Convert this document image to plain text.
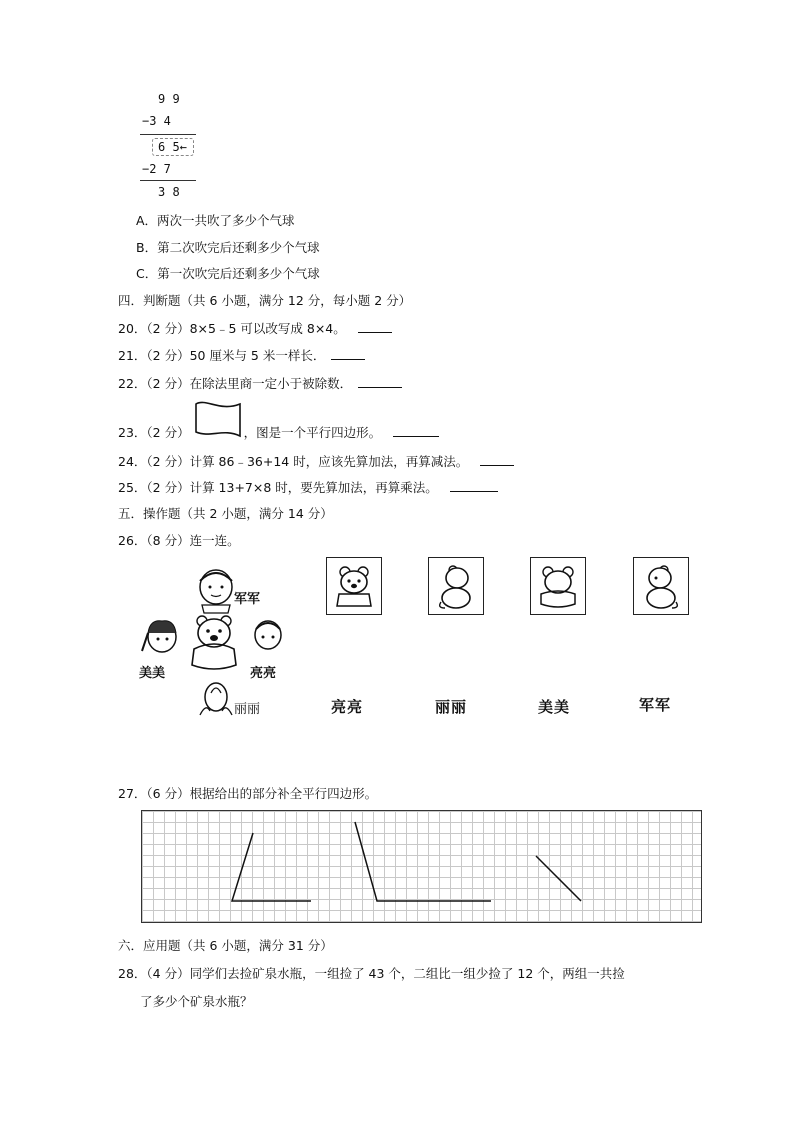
9 9
−3 4
6 5←
−2 7
3 8
A．两次一共吹了多少个气球
B．第二次吹完后还剩多少个气球
C．第一次吹完后还剩多少个气球
四．判断题（共 6 小题，满分 12 分，每小题 2 分）
20．（2 分）8×5﹣5 可以改写成 8×4。
21．（2 分）50 厘米与 5 米一样长．
22．（2 分）在除法里商一定小于被除数．
23．（2 分）	，图是一个平行四边形。
24．（2 分）计算 86﹣36+14 时，应该先算加法，再算减法。
25．（2 分）计算 13+7×8 时，要先算加法，再算乘法。
五．操作题（共 2 小题，满分 14 分）
26．（8 分）连一连。
军军
美美	亮亮
丽丽	亮亮	丽丽	美美	军军
27．（6 分）根据给出的部分补全平行四边形。
六．应用题（共 6 小题，满分 31 分）
28．（4 分）同学们去捡矿泉水瓶，一组捡了 43 个，二组比一组少捡了 12 个，两组一共捡
了多少个矿泉水瓶？
